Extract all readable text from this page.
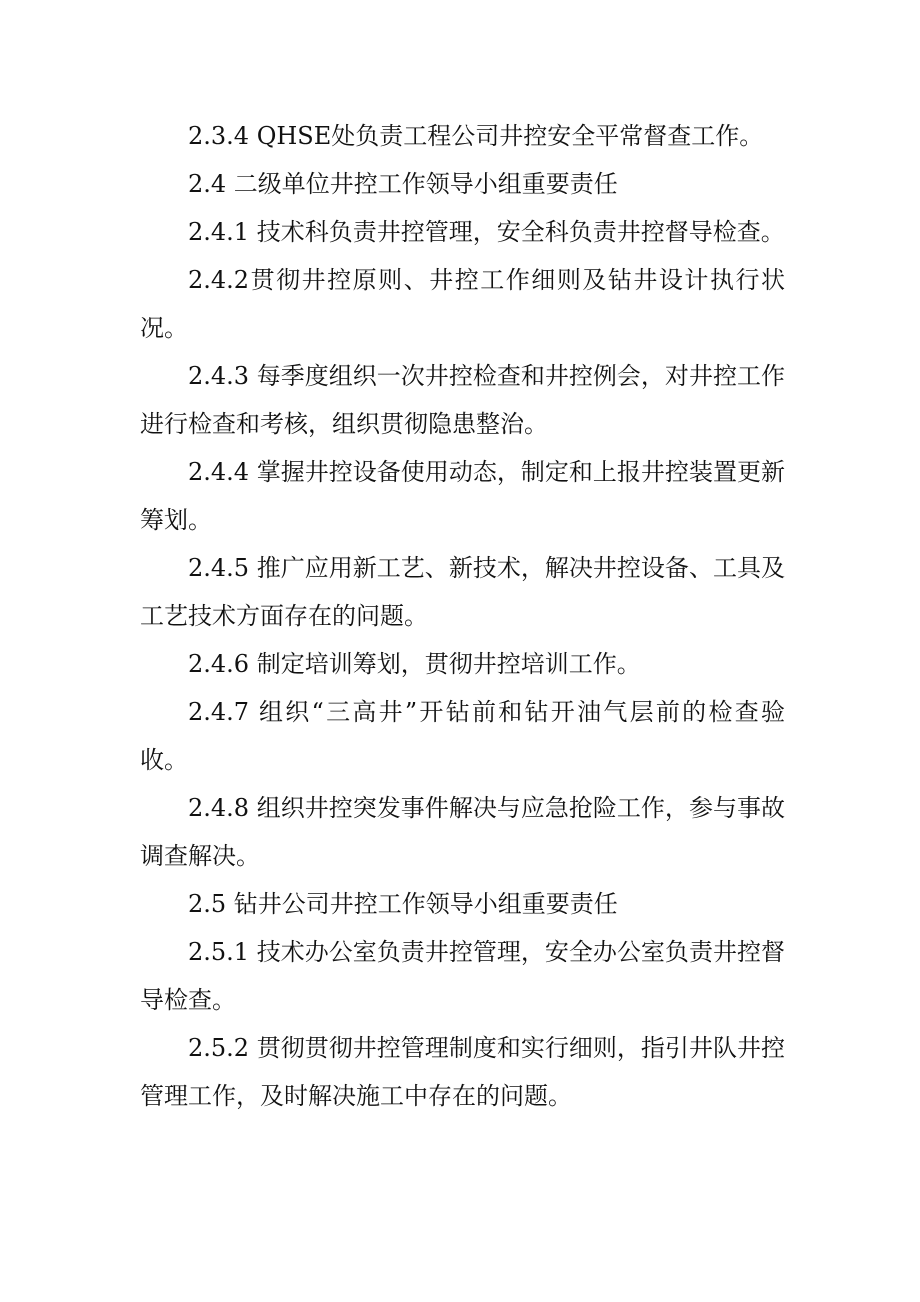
2.3.4 QHSE处负责工程公司井控安全平常督查工作。

2.4 二级单位井控工作领导小组重要责任

2.4.1 技术科负责井控管理，安全科负责井控督导检查。

2.4.2贯彻井控原则、井控工作细则及钻井设计执行状况。

2.4.3 每季度组织一次井控检查和井控例会，对井控工作进行检查和考核，组织贯彻隐患整治。

2.4.4 掌握井控设备使用动态，制定和上报井控装置更新筹划。

2.4.5 推广应用新工艺、新技术，解决井控设备、工具及工艺技术方面存在的问题。

2.4.6 制定培训筹划，贯彻井控培训工作。

2.4.7 组织“三高井”开钻前和钻开油气层前的检查验收。

2.4.8 组织井控突发事件解决与应急抢险工作，参与事故调查解决。

2.5 钻井公司井控工作领导小组重要责任

2.5.1 技术办公室负责井控管理，安全办公室负责井控督导检查。

2.5.2 贯彻贯彻井控管理制度和实行细则，指引井队井控管理工作，及时解决施工中存在的问题。
